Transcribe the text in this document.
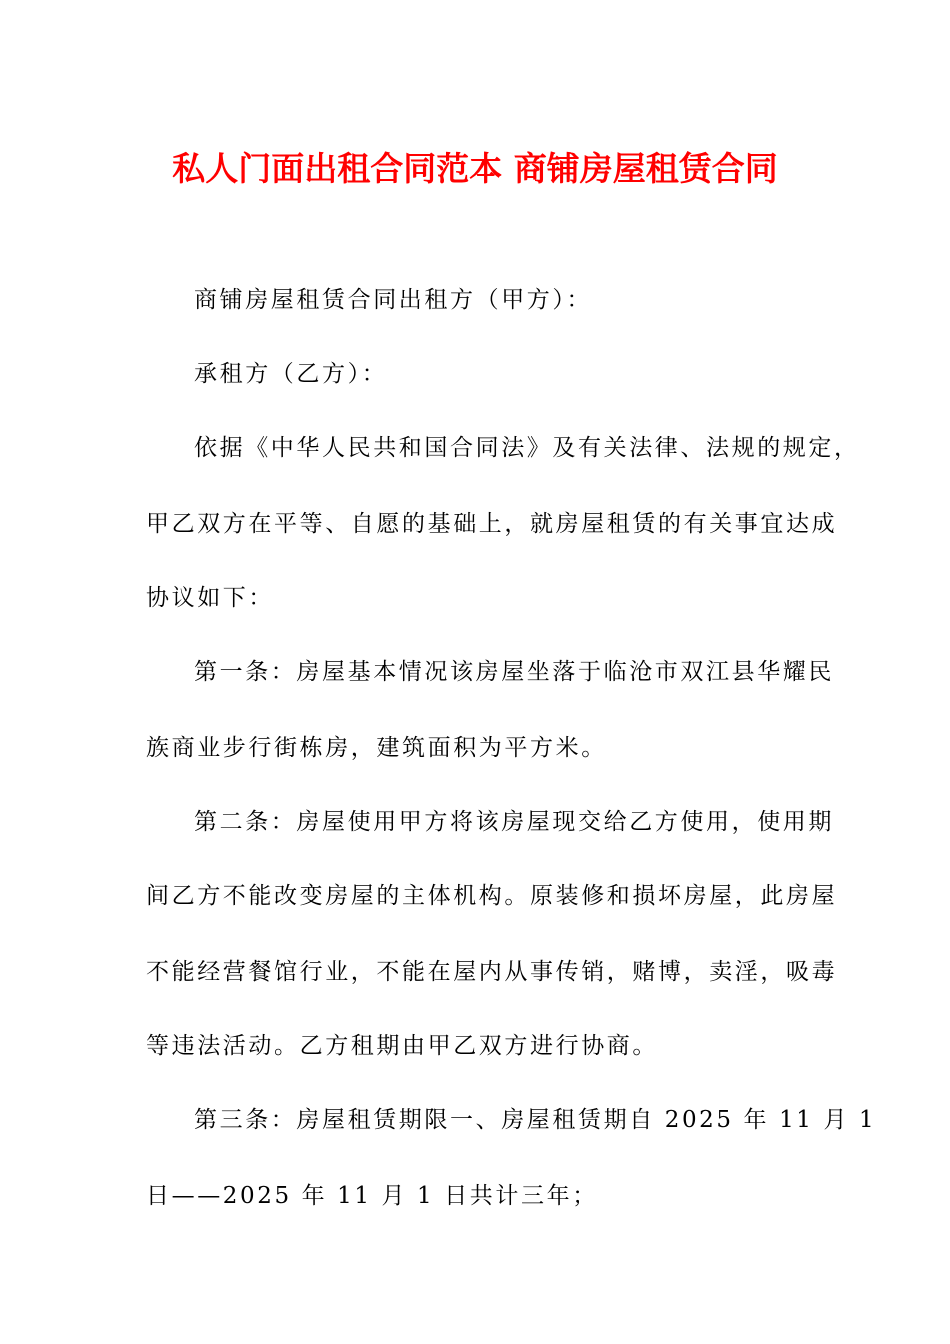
私人门面出租合同范本 商铺房屋租赁合同
商铺房屋租赁合同出租方（甲方）：
承租方（乙方）：
依据《中华人民共和国合同法》及有关法律、法规的规定，
甲乙双方在平等、自愿的基础上，就房屋租赁的有关事宜达成
协议如下：
第一条：房屋基本情况该房屋坐落于临沧市双江县华耀民
族商业步行街栋房，建筑面积为平方米。
第二条：房屋使用甲方将该房屋现交给乙方使用，使用期
间乙方不能改变房屋的主体机构。原装修和损坏房屋，此房屋
不能经营餐馆行业，不能在屋内从事传销，赌博，卖淫，吸毒
等违法活动。乙方租期由甲乙双方进行协商。
第三条：房屋租赁期限一、房屋租赁期自 2025 年 11 月 1
日——2025 年 11 月 1 日共计三年；
